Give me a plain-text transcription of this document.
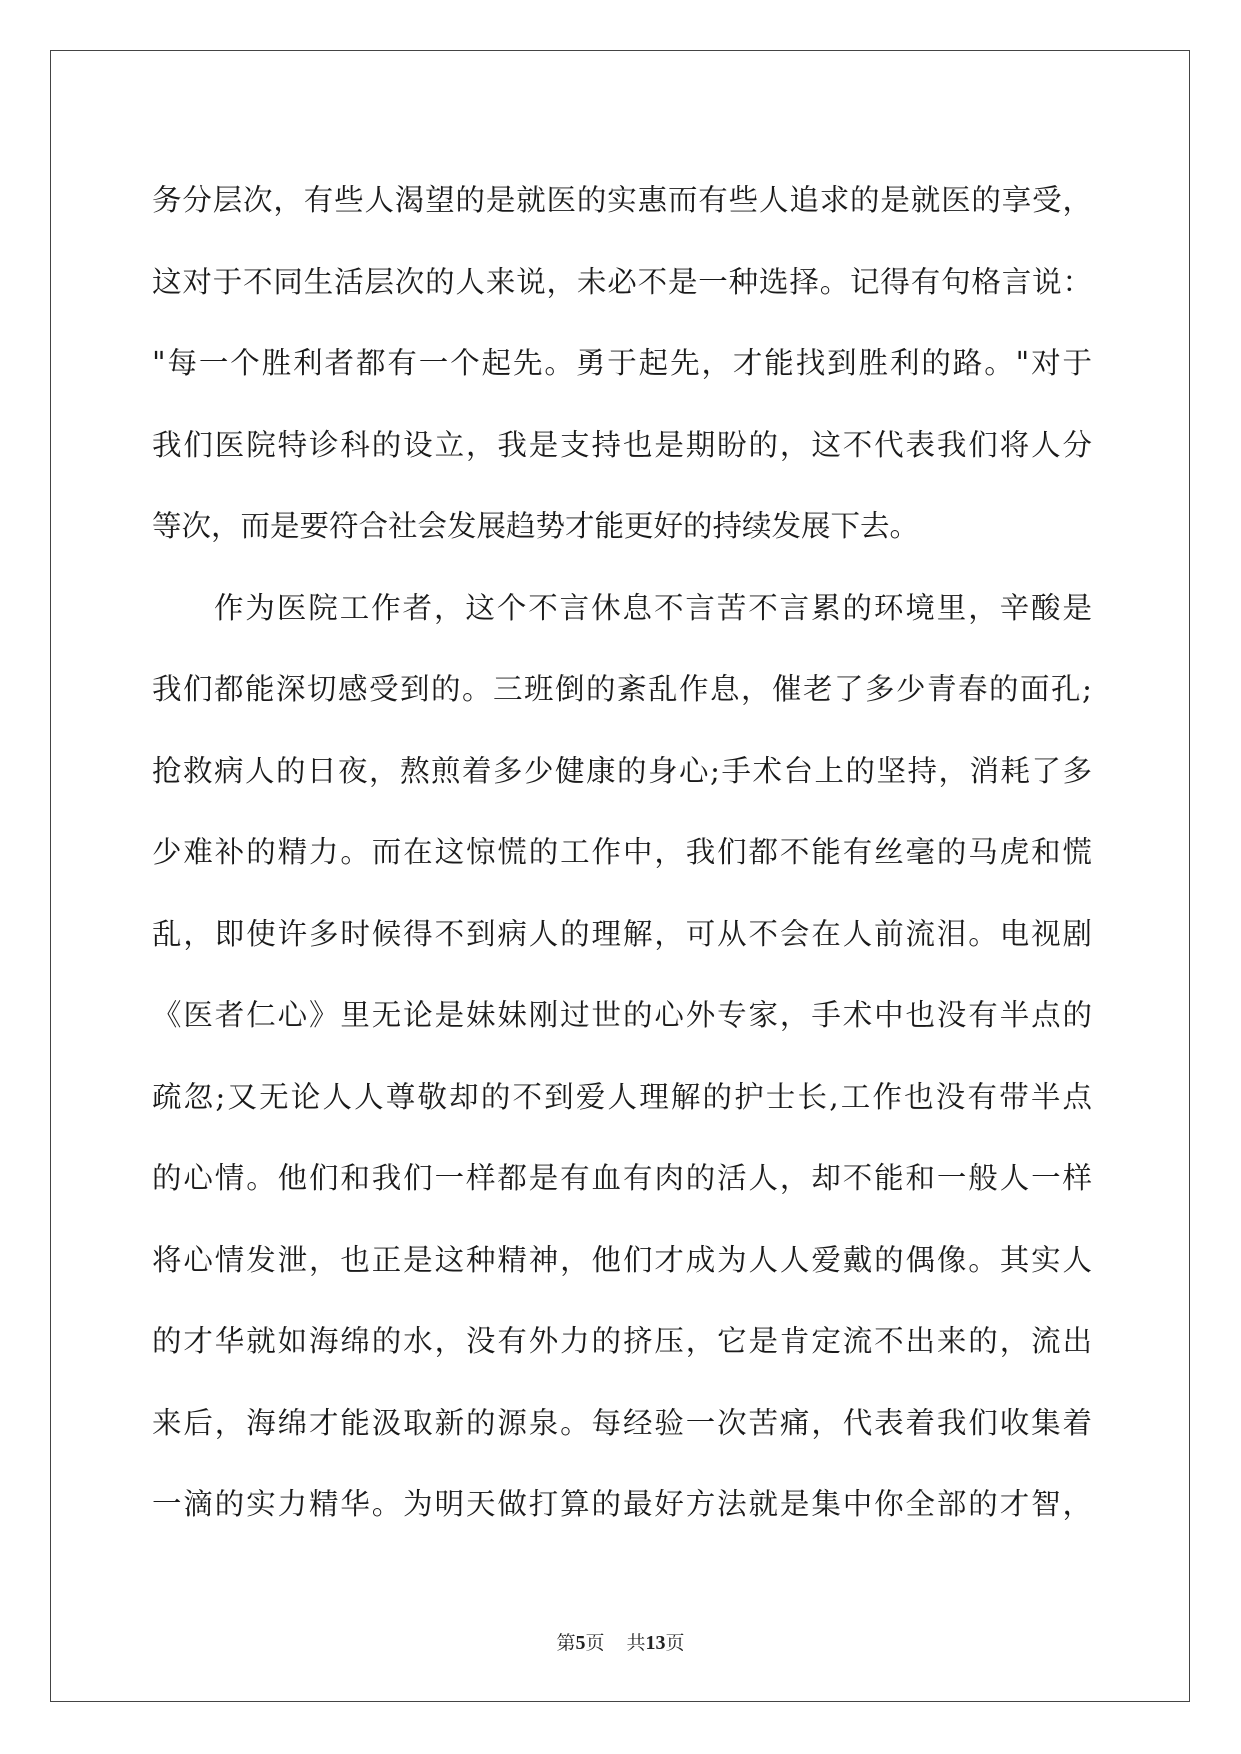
务分层次，有些人渴望的是就医的实惠而有些人追求的是就医的享受，
这对于不同生活层次的人来说，未必不是一种选择。记得有句格言说：
"每一个胜利者都有一个起先。勇于起先，才能找到胜利的路。"对于
我们医院特诊科的设立，我是支持也是期盼的，这不代表我们将人分
等次，而是要符合社会发展趋势才能更好的持续发展下去。
作为医院工作者，这个不言休息不言苦不言累的环境里，辛酸是
我们都能深切感受到的。三班倒的紊乱作息，催老了多少青春的面孔;
抢救病人的日夜，熬煎着多少健康的身心;手术台上的坚持，消耗了多
少难补的精力。而在这惊慌的工作中，我们都不能有丝毫的马虎和慌
乱，即使许多时候得不到病人的理解，可从不会在人前流泪。电视剧
《医者仁心》里无论是妹妹刚过世的心外专家，手术中也没有半点的
疏忽;又无论人人尊敬却的不到爱人理解的护士长,工作也没有带半点
的心情。他们和我们一样都是有血有肉的活人，却不能和一般人一样
将心情发泄，也正是这种精神，他们才成为人人爱戴的偶像。其实人
的才华就如海绵的水，没有外力的挤压，它是肯定流不出来的，流出
来后，海绵才能汲取新的源泉。每经验一次苦痛，代表着我们收集着
一滴的实力精华。为明天做打算的最好方法就是集中你全部的才智，
第5页 共13页
